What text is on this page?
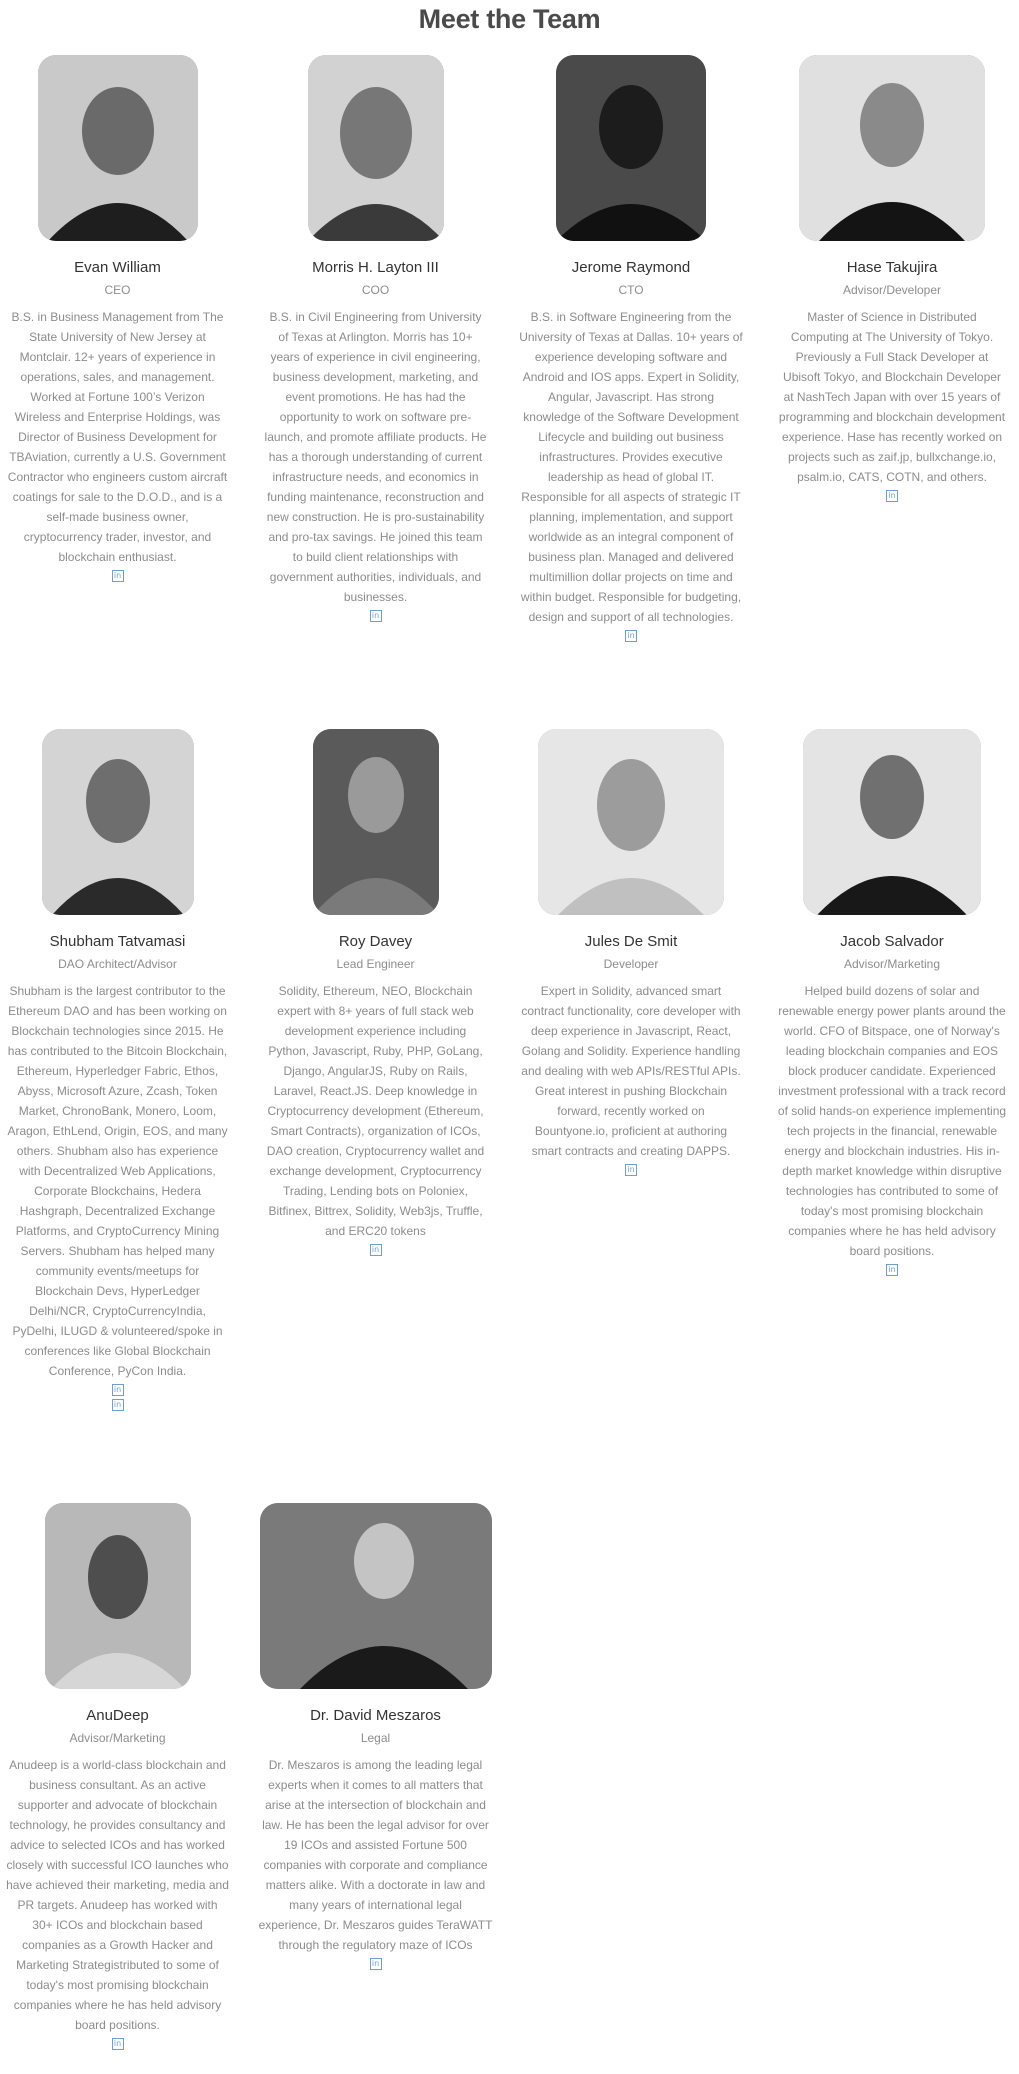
Meet the Team
Evan William
CEO
B.S. in Business Management from The State University of New Jersey at Montclair. 12+ years of experience in operations, sales, and management. Worked at Fortune 100’s Verizon Wireless and Enterprise Holdings, was Director of Business Development for TBAviation, currently a U.S. Government Contractor who engineers custom aircraft coatings for sale to the D.O.D., and is a self-made business owner, cryptocurrency trader, investor, and blockchain enthusiast.
in
Morris H. Layton III
COO
B.S. in Civil Engineering from University of Texas at Arlington. Morris has 10+ years of experience in civil engineering, business development, marketing, and event promotions. He has had the opportunity to work on software pre-launch, and promote affiliate products. He has a thorough understanding of current infrastructure needs, and economics in funding maintenance, reconstruction and new construction. He is pro-sustainability and pro-tax savings. He joined this team to build client relationships with government authorities, individuals, and businesses.
in
Jerome Raymond
CTO
B.S. in Software Engineering from the University of Texas at Dallas. 10+ years of experience developing software and Android and IOS apps. Expert in Solidity, Angular, Javascript. Has strong knowledge of the Software Development Lifecycle and building out business infrastructures. Provides executive leadership as head of global IT. Responsible for all aspects of strategic IT planning, implementation, and support worldwide as an integral component of business plan. Managed and delivered multimillion dollar projects on time and within budget. Responsible for budgeting, design and support of all technologies.
in
Hase Takujira
Advisor/Developer
Master of Science in Distributed Computing at The University of Tokyo. Previously a Full Stack Developer at Ubisoft Tokyo, and Blockchain Developer at NashTech Japan with over 15 years of programming and blockchain development experience. Hase has recently worked on projects such as zaif.jp, bullxchange.io, psalm.io, CATS, COTN, and others.
in
Shubham Tatvamasi
DAO Architect/Advisor
Shubham is the largest contributor to the Ethereum DAO and has been working on Blockchain technologies since 2015. He has contributed to the Bitcoin Blockchain, Ethereum, Hyperledger Fabric, Ethos, Abyss, Microsoft Azure, Zcash, Token Market, ChronoBank, Monero, Loom, Aragon, EthLend, Origin, EOS, and many others. Shubham also has experience with Decentralized Web Applications, Corporate Blockchains, Hedera Hashgraph, Decentralized Exchange Platforms, and CryptoCurrency Mining Servers. Shubham has helped many community events/meetups for Blockchain Devs, HyperLedger Delhi/NCR, CryptoCurrencyIndia, PyDelhi, ILUGD & volunteered/spoke in conferences like Global Blockchain Conference, PyCon India.
in
in
Roy Davey
Lead Engineer
Solidity, Ethereum, NEO, Blockchain expert with 8+ years of full stack web development experience including Python, Javascript, Ruby, PHP, GoLang, Django, AngularJS, Ruby on Rails, Laravel, React.JS. Deep knowledge in Cryptocurrency development (Ethereum, Smart Contracts), organization of ICOs, DAO creation, Cryptocurrency wallet and exchange development, Cryptocurrency Trading, Lending bots on Poloniex, Bitfinex, Bittrex, Solidity, Web3js, Truffle, and ERC20 tokens
in
Jules De Smit
Developer
Expert in Solidity, advanced smart contract functionality, core developer with deep experience in Javascript, React, Golang and Solidity. Experience handling and dealing with web APIs/RESTful APIs. Great interest in pushing Blockchain forward, recently worked on Bountyone.io, proficient at authoring smart contracts and creating DAPPS.
in
Jacob Salvador
Advisor/Marketing
Helped build dozens of solar and renewable energy power plants around the world. CFO of Bitspace, one of Norway's leading blockchain companies and EOS block producer candidate. Experienced investment professional with a track record of solid hands-on experience implementing tech projects in the financial, renewable energy and blockchain industries. His in-depth market knowledge within disruptive technologies has contributed to some of today's most promising blockchain companies where he has held advisory board positions.
in
AnuDeep
Advisor/Marketing
Anudeep is a world-class blockchain and business consultant. As an active supporter and advocate of blockchain technology, he provides consultancy and advice to selected ICOs and has worked closely with successful ICO launches who have achieved their marketing, media and PR targets. Anudeep has worked with 30+ ICOs and blockchain based companies as a Growth Hacker and Marketing Strategistributed to some of today's most promising blockchain companies where he has held advisory board positions.
in
Dr. David Meszaros
Legal
Dr. Meszaros is among the leading legal experts when it comes to all matters that arise at the intersection of blockchain and law. He has been the legal advisor for over 19 ICOs and assisted Fortune 500 companies with corporate and compliance matters alike. With a doctorate in law and many years of international legal experience, Dr. Meszaros guides TeraWATT through the regulatory maze of ICOs
in
